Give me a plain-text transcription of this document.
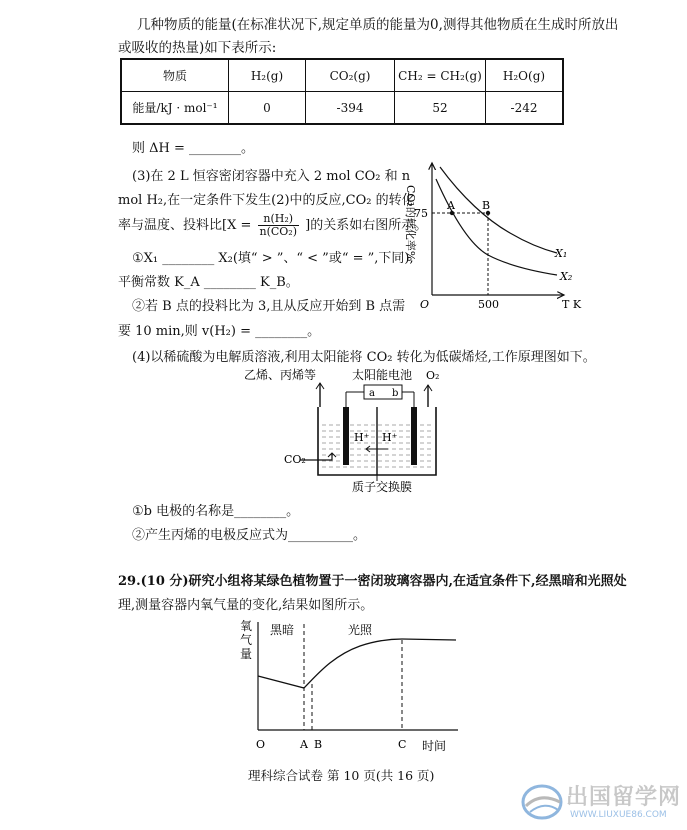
几种物质的能量(在标准状况下,规定单质的能量为0,测得其他物质在生成时所放出
或吸收的热量)如下表所示:
物质	H₂(g)	CO₂(g)	CH₂ = CH₂(g)	H₂O(g)
能量/kJ · mol⁻¹	0	-394	52	-242
则 ΔH = ________。
(3)在 2 L 恒容密闭容器中充入 2 mol CO₂ 和 n
mol H₂,在一定条件下发生(2)中的反应,CO₂ 的转化
率与温度、投料比[$X = \frac{\text{n(H₂)}}{\text{n(CO₂)}}$ ]的关系如右图所示。
①X₁ ________ X₂(填“ > ”、“ < ”或“ = ”,下同),
平衡常数 K_A ________ K_B。
②若 B 点的投料比为 3,且从反应开始到 B 点需
要 10 min,则 v(H₂) = ________。
A B
75
500
O	T K
X₁
X₂
CO₂的转化率%
(4)以稀硫酸为电解质溶液,利用太阳能将 CO₂ 转化为低碳烯烃,工作原理图如下。
乙烯、丙烯等	太阳能电池 O₂
a b
H⁺ H⁺
CO₂
质子交换膜
①b 电极的名称是________。
②产生丙烯的电极反应式为__________。
29.(10 分)研究小组将某绿色植物置于一密闭玻璃容器内,在适宜条件下,经黑暗和光照处
理,测量容器内氧气量的变化,结果如图所示。
氧
气
量
黑暗	光照
O	A B	C 时间
理科综合试卷 第 10 页(共 16 页)
出国留学网
WWW.LIUXUE86.COM
